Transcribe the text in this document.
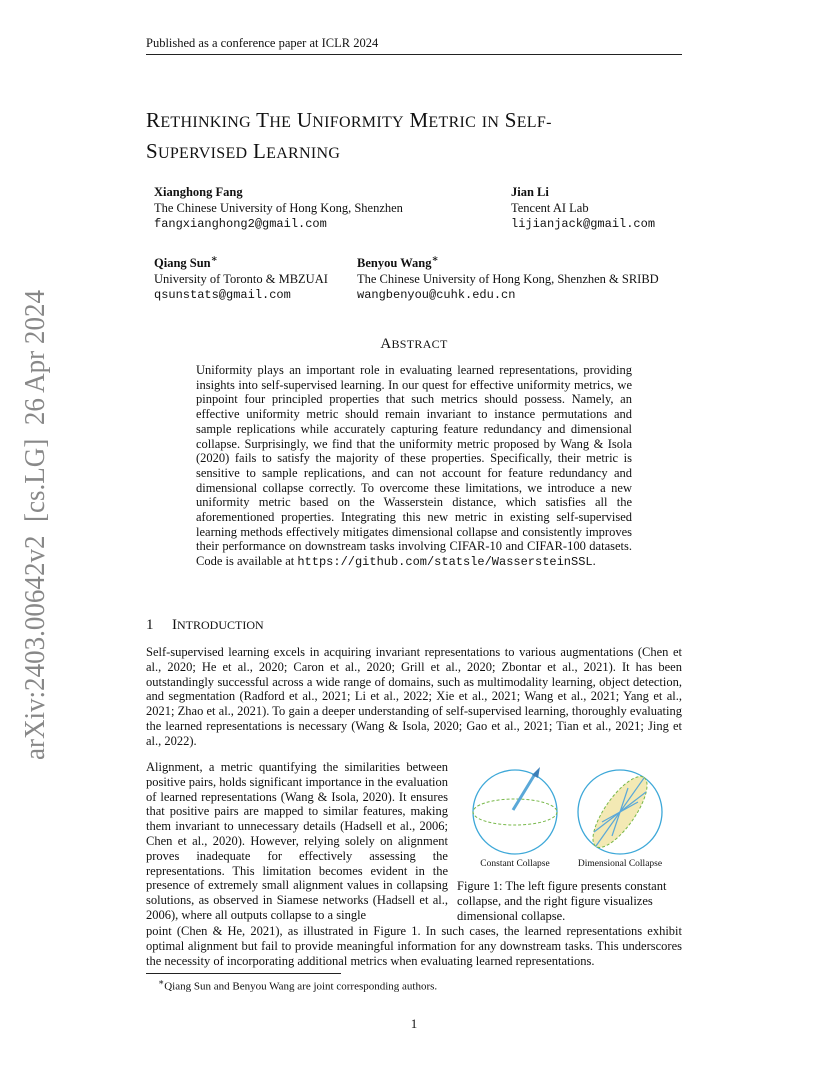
Published as a conference paper at ICLR 2024
arXiv:2403.00642v2  [cs.LG]  26 Apr 2024
RETHINKING THE UNIFORMITY METRIC IN SELF-
SUPERVISED LEARNING
Xianghong Fang
The Chinese University of Hong Kong, Shenzhen
fangxianghong2@gmail.com
Jian Li
Tencent AI Lab
lijianjack@gmail.com
Qiang Sun∗
University of Toronto & MBZUAI
qsunstats@gmail.com
Benyou Wang∗
The Chinese University of Hong Kong, Shenzhen & SRIBD
wangbenyou@cuhk.edu.cn
ABSTRACT
Uniformity plays an important role in evaluating learned representations, providing insights into self-supervised learning. In our quest for effective uniformity metrics, we pinpoint four principled properties that such metrics should possess. Namely, an effective uniformity metric should remain invariant to instance permutations and sample replications while accurately capturing feature redundancy and dimensional collapse. Surprisingly, we find that the uniformity metric proposed by Wang & Isola (2020) fails to satisfy the majority of these properties. Specifically, their metric is sensitive to sample replications, and can not account for feature redundancy and dimensional collapse correctly. To overcome these limitations, we introduce a new uniformity metric based on the Wasserstein distance, which satisfies all the aforementioned properties. Integrating this new metric in existing self-supervised learning methods effectively mitigates dimensional collapse and consistently improves their performance on downstream tasks involving CIFAR-10 and CIFAR-100 datasets. Code is available at https://github.com/statsle/WassersteinSSL.
1 INTRODUCTION
Self-supervised learning excels in acquiring invariant representations to various augmentations (Chen et al., 2020; He et al., 2020; Caron et al., 2020; Grill et al., 2020; Zbontar et al., 2021). It has been outstandingly successful across a wide range of domains, such as multimodality learning, object detection, and segmentation (Radford et al., 2021; Li et al., 2022; Xie et al., 2021; Wang et al., 2021; Yang et al., 2021; Zhao et al., 2021). To gain a deeper understanding of self-supervised learning, thoroughly evaluating the learned representations is necessary (Wang & Isola, 2020; Gao et al., 2021; Tian et al., 2021; Jing et al., 2022).
Alignment, a metric quantifying the similarities between positive pairs, holds significant importance in the evaluation of learned representations (Wang & Isola, 2020). It ensures that positive pairs are mapped to similar features, making them invariant to unnecessary details (Hadsell et al., 2006; Chen et al., 2020). However, relying solely on alignment proves inadequate for effectively assessing the representations. This limitation becomes evident in the presence of extremely small alignment values in collapsing solutions, as observed in Siamese networks (Hadsell et al., 2006), where all outputs collapse to a single
Constant Collapse	Dimensional Collapse
Figure 1: The left figure presents constant collapse, and the right figure visualizes dimensional collapse.
point (Chen & He, 2021), as illustrated in Figure 1. In such cases, the learned representations exhibit optimal alignment but fail to provide meaningful information for any downstream tasks. This underscores the necessity of incorporating additional metrics when evaluating learned representations.
∗Qiang Sun and Benyou Wang are joint corresponding authors.
1
